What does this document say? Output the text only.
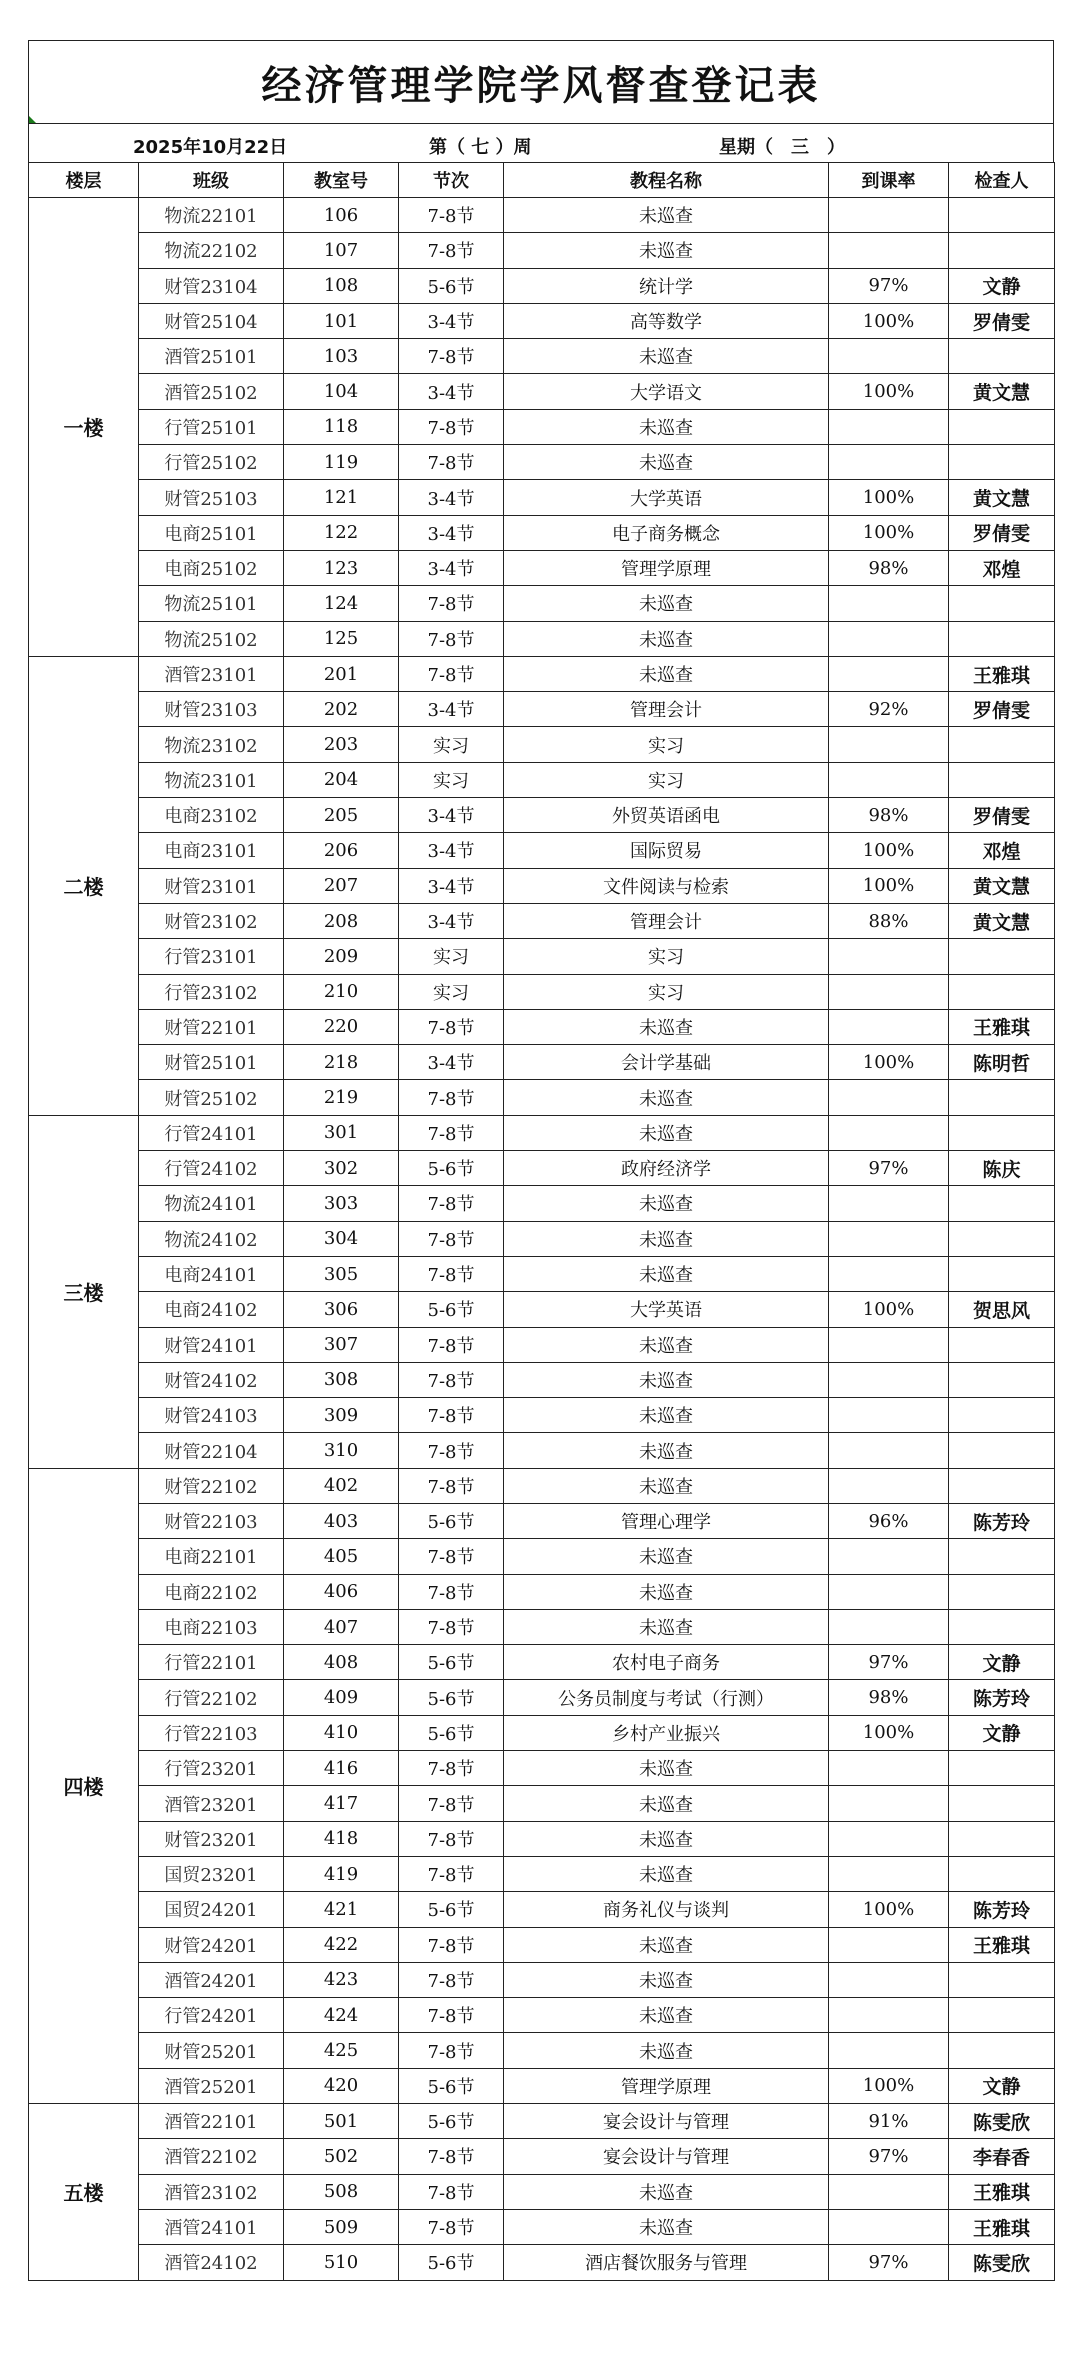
经济管理学院学风督查登记表
2025年10月22日	第（ 七 ）周	星期（　三　）
楼层	班级	教室号	节次	教程名称	到课率	检查人
一楼	物流22101	106	7-8节	未巡查		
	物流22102	107	7-8节	未巡查		
	财管23104	108	5-6节	统计学	97%	文静
	财管25104	101	3-4节	高等数学	100%	罗倩雯
	酒管25101	103	7-8节	未巡查		
	酒管25102	104	3-4节	大学语文	100%	黄文慧
	行管25101	118	7-8节	未巡查		
	行管25102	119	7-8节	未巡查		
	财管25103	121	3-4节	大学英语	100%	黄文慧
	电商25101	122	3-4节	电子商务概念	100%	罗倩雯
	电商25102	123	3-4节	管理学原理	98%	邓煌
	物流25101	124	7-8节	未巡查		
	物流25102	125	7-8节	未巡查		
二楼	酒管23101	201	7-8节	未巡查		王雅琪
	财管23103	202	3-4节	管理会计	92%	罗倩雯
	物流23102	203	实习	实习		
	物流23101	204	实习	实习		
	电商23102	205	3-4节	外贸英语函电	98%	罗倩雯
	电商23101	206	3-4节	国际贸易	100%	邓煌
	财管23101	207	3-4节	文件阅读与检索	100%	黄文慧
	财管23102	208	3-4节	管理会计	88%	黄文慧
	行管23101	209	实习	实习		
	行管23102	210	实习	实习		
	财管22101	220	7-8节	未巡查		王雅琪
	财管25101	218	3-4节	会计学基础	100%	陈明哲
	财管25102	219	7-8节	未巡查		
三楼	行管24101	301	7-8节	未巡查		
	行管24102	302	5-6节	政府经济学	97%	陈庆
	物流24101	303	7-8节	未巡查		
	物流24102	304	7-8节	未巡查		
	电商24101	305	7-8节	未巡查		
	电商24102	306	5-6节	大学英语	100%	贺思风
	财管24101	307	7-8节	未巡查		
	财管24102	308	7-8节	未巡查		
	财管24103	309	7-8节	未巡查		
	财管22104	310	7-8节	未巡查		
四楼	财管22102	402	7-8节	未巡查		
	财管22103	403	5-6节	管理心理学	96%	陈芳玲
	电商22101	405	7-8节	未巡查		
	电商22102	406	7-8节	未巡查		
	电商22103	407	7-8节	未巡查		
	行管22101	408	5-6节	农村电子商务	97%	文静
	行管22102	409	5-6节	公务员制度与考试（行测）	98%	陈芳玲
	行管22103	410	5-6节	乡村产业振兴	100%	文静
	行管23201	416	7-8节	未巡查		
	酒管23201	417	7-8节	未巡查		
	财管23201	418	7-8节	未巡查		
	国贸23201	419	7-8节	未巡查		
	国贸24201	421	5-6节	商务礼仪与谈判	100%	陈芳玲
	财管24201	422	7-8节	未巡查		王雅琪
	酒管24201	423	7-8节	未巡查		
	行管24201	424	7-8节	未巡查		
	财管25201	425	7-8节	未巡查		
	酒管25201	420	5-6节	管理学原理	100%	文静
五楼	酒管22101	501	5-6节	宴会设计与管理	91%	陈雯欣
	酒管22102	502	7-8节	宴会设计与管理	97%	李春香
	酒管23102	508	7-8节	未巡查		王雅琪
	酒管24101	509	7-8节	未巡查		王雅琪
	酒管24102	510	5-6节	酒店餐饮服务与管理	97%	陈雯欣
